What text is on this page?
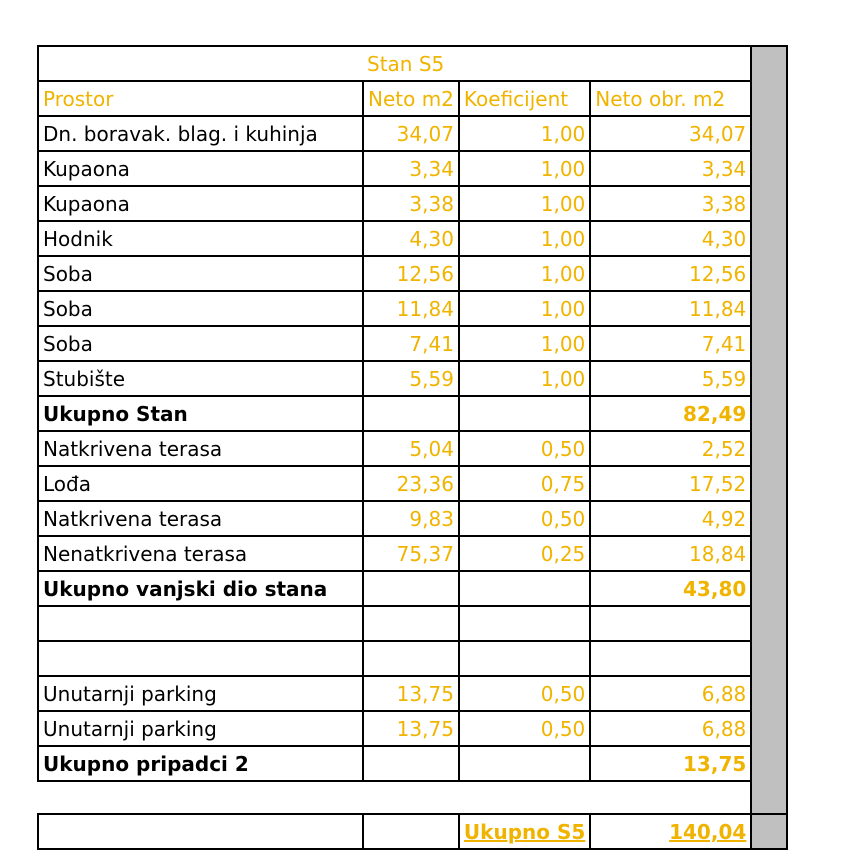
	Stan S5			
Prostor	Neto m2	Koeficijent	Neto obr. m2	
Dn. boravak. blag. i kuhinja	34,07	1,00	34,07	
Kupaona	3,34	1,00	3,34	
Kupaona	3,38	1,00	3,38	
Hodnik	4,30	1,00	4,30	
Soba	12,56	1,00	12,56	
Soba	11,84	1,00	11,84	
Soba	7,41	1,00	7,41	
Stubište	5,59	1,00	5,59	
Ukupno Stan			82,49	
Natkrivena terasa	5,04	0,50	2,52	
Lođa	23,36	0,75	17,52	
Natkrivena terasa	9,83	0,50	4,92	
Nenatkrivena terasa	75,37	0,25	18,84	
Ukupno vanjski dio stana			43,80	

Unutarnji parking	13,75	0,50	6,88	
Unutarnji parking	13,75	0,50	6,88	
Ukupno pripadci 2			13,75	

		Ukupno S5	140,04	
